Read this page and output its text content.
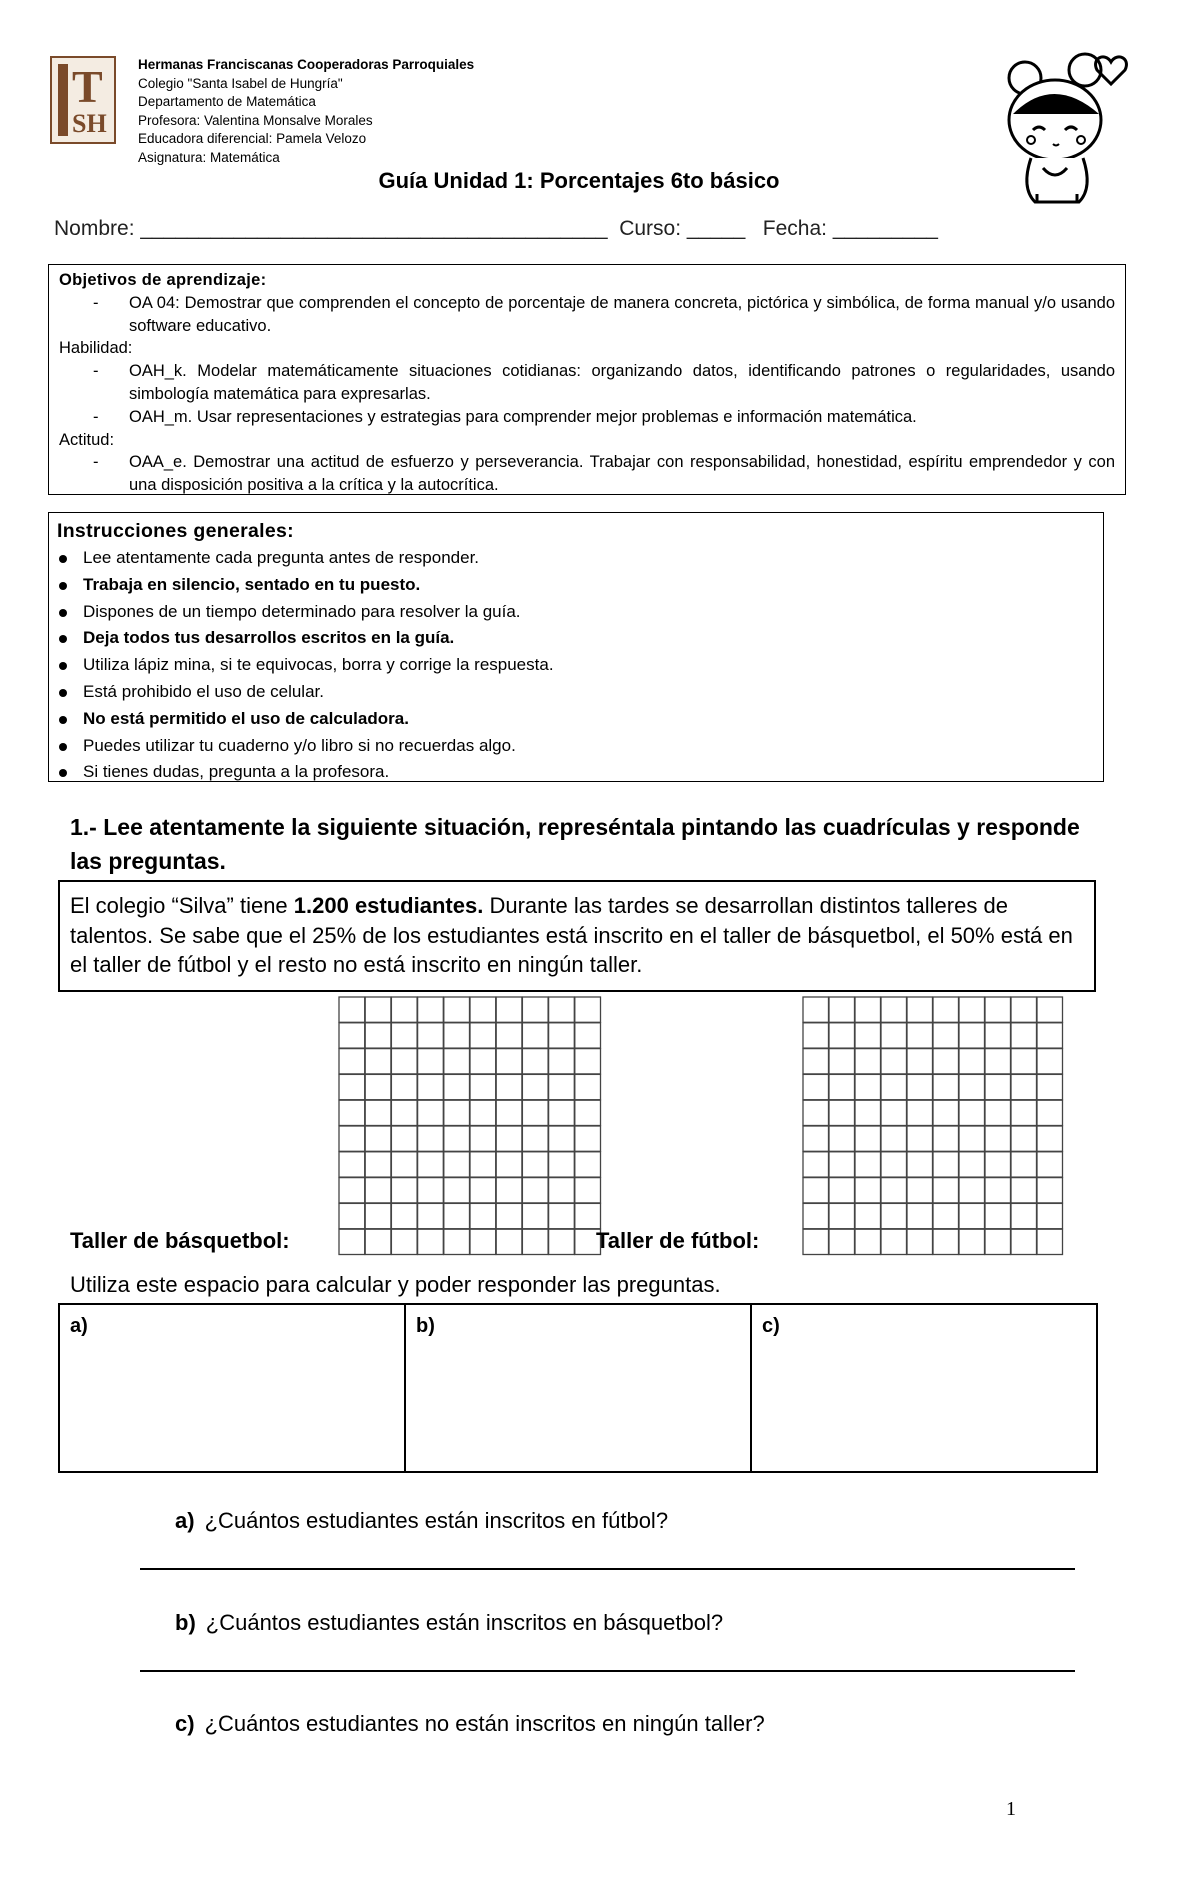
T
SH
Hermanas Franciscanas Cooperadoras Parroquiales
Colegio "Santa Isabel de Hungría"
Departamento de Matemática
Profesora: Valentina Monsalve Morales
Educadora diferencial: Pamela Velozo
Asignatura: Matemática
Guía Unidad 1: Porcentajes 6to básico
Nombre: ________________________________________  Curso: _____   Fecha: _________
Objetivos de aprendizaje:
- OA 04: Demostrar que comprenden el concepto de porcentaje de manera concreta, pictórica y simbólica, de forma manual y/o usando software educativo.
Habilidad:
- OAH_k. Modelar matemáticamente situaciones cotidianas: organizando datos, identificando patrones o regularidades, usando simbología matemática para expresarlas.
- OAH_m. Usar representaciones y estrategias para comprender mejor problemas e información matemática.
Actitud:
- OAA_e. Demostrar una actitud de esfuerzo y perseverancia. Trabajar con responsabilidad, honestidad, espíritu emprendedor y con una disposición positiva a la crítica y la autocrítica.
Instrucciones generales:
Lee atentamente cada pregunta antes de responder.
Trabaja en silencio, sentado en tu puesto.
Dispones de un tiempo determinado para resolver la guía.
Deja todos tus desarrollos escritos en la guía.
Utiliza lápiz mina, si te equivocas, borra y corrige la respuesta.
Está prohibido el uso de celular.
No está permitido el uso de calculadora.
Puedes utilizar tu cuaderno y/o libro si no recuerdas algo.
Si tienes dudas, pregunta a la profesora.
1.- Lee atentamente la siguiente situación, represéntala pintando las cuadrículas y responde las preguntas.
El colegio “Silva” tiene 1.200 estudiantes. Durante las tardes se desarrollan distintos talleres de talentos. Se sabe que el 25% de los estudiantes está inscrito en el taller de básquetbol, el 50% está en el taller de fútbol y el resto no está inscrito en ningún taller.
Taller de básquetbol:	Taller de fútbol:
Utiliza este espacio para calcular y poder responder las preguntas.
a)	b)	c)
a) ¿Cuántos estudiantes están inscritos en fútbol?
b) ¿Cuántos estudiantes están inscritos en básquetbol?
c) ¿Cuántos estudiantes no están inscritos en ningún taller?
1
